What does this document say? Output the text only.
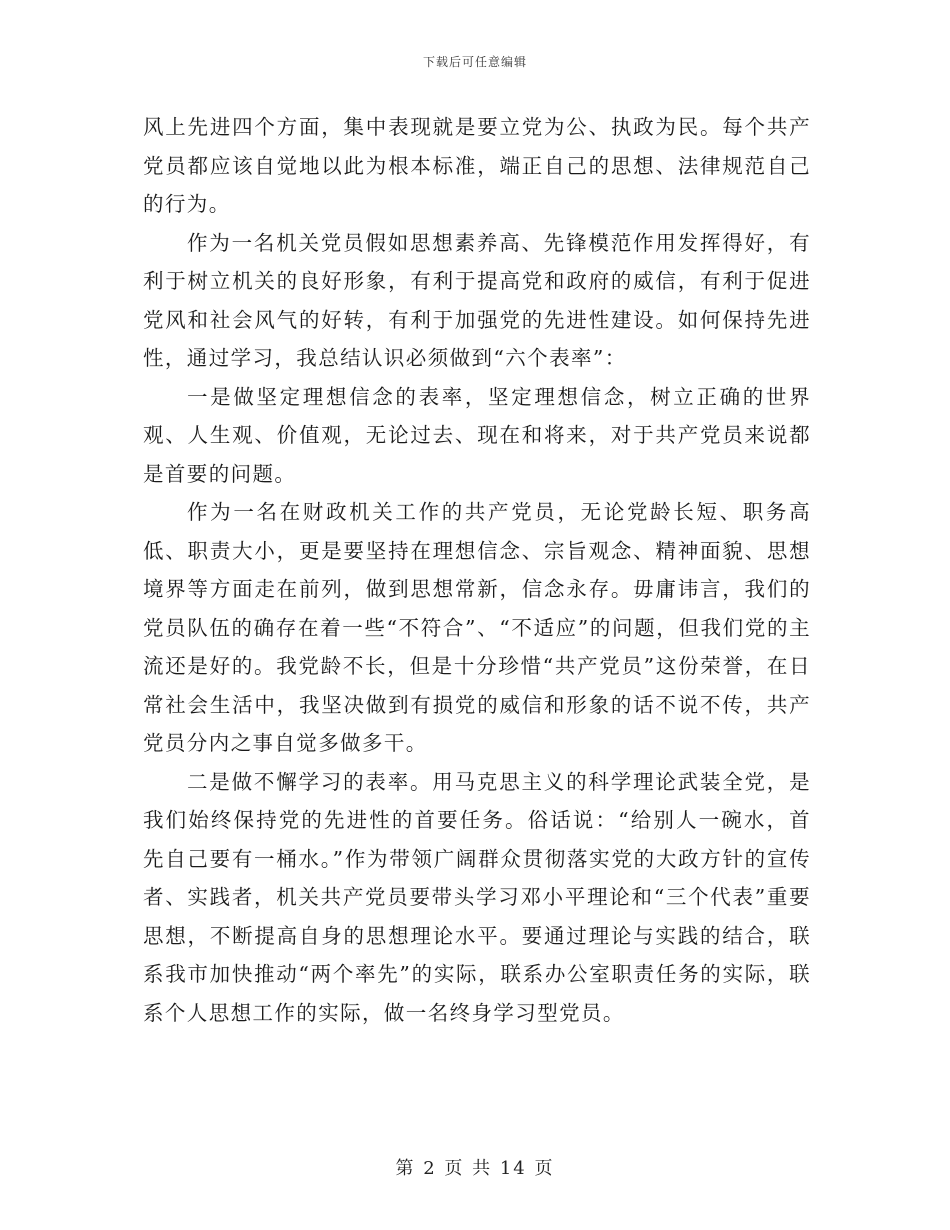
下载后可任意编辑

风上先进四个方面，集中表现就是要立党为公、执政为民。每个共产党员都应该自觉地以此为根本标准，端正自己的思想、法律规范自己的行为。

作为一名机关党员假如思想素养高、先锋模范作用发挥得好，有利于树立机关的良好形象，有利于提高党和政府的威信，有利于促进党风和社会风气的好转，有利于加强党的先进性建设。如何保持先进性，通过学习，我总结认识必须做到“六个表率”：

一是做坚定理想信念的表率，坚定理想信念，树立正确的世界观、人生观、价值观，无论过去、现在和将来，对于共产党员来说都是首要的问题。

作为一名在财政机关工作的共产党员，无论党龄长短、职务高低、职责大小，更是要坚持在理想信念、宗旨观念、精神面貌、思想境界等方面走在前列，做到思想常新，信念永存。毋庸讳言，我们的党员队伍的确存在着一些“不符合”、“不适应”的问题，但我们党的主流还是好的。我党龄不长，但是十分珍惜“共产党员”这份荣誉，在日常社会生活中，我坚决做到有损党的威信和形象的话不说不传，共产党员分内之事自觉多做多干。

二是做不懈学习的表率。用马克思主义的科学理论武装全党，是我们始终保持党的先进性的首要任务。俗话说：“给别人一碗水，首先自己要有一桶水。”作为带领广阔群众贯彻落实党的大政方针的宣传者、实践者，机关共产党员要带头学习邓小平理论和“三个代表”重要思想，不断提高自身的思想理论水平。要通过理论与实践的结合，联系我市加快推动“两个率先”的实际，联系办公室职责任务的实际，联系个人思想工作的实际，做一名终身学习型党员。

第 2 页 共 14 页
